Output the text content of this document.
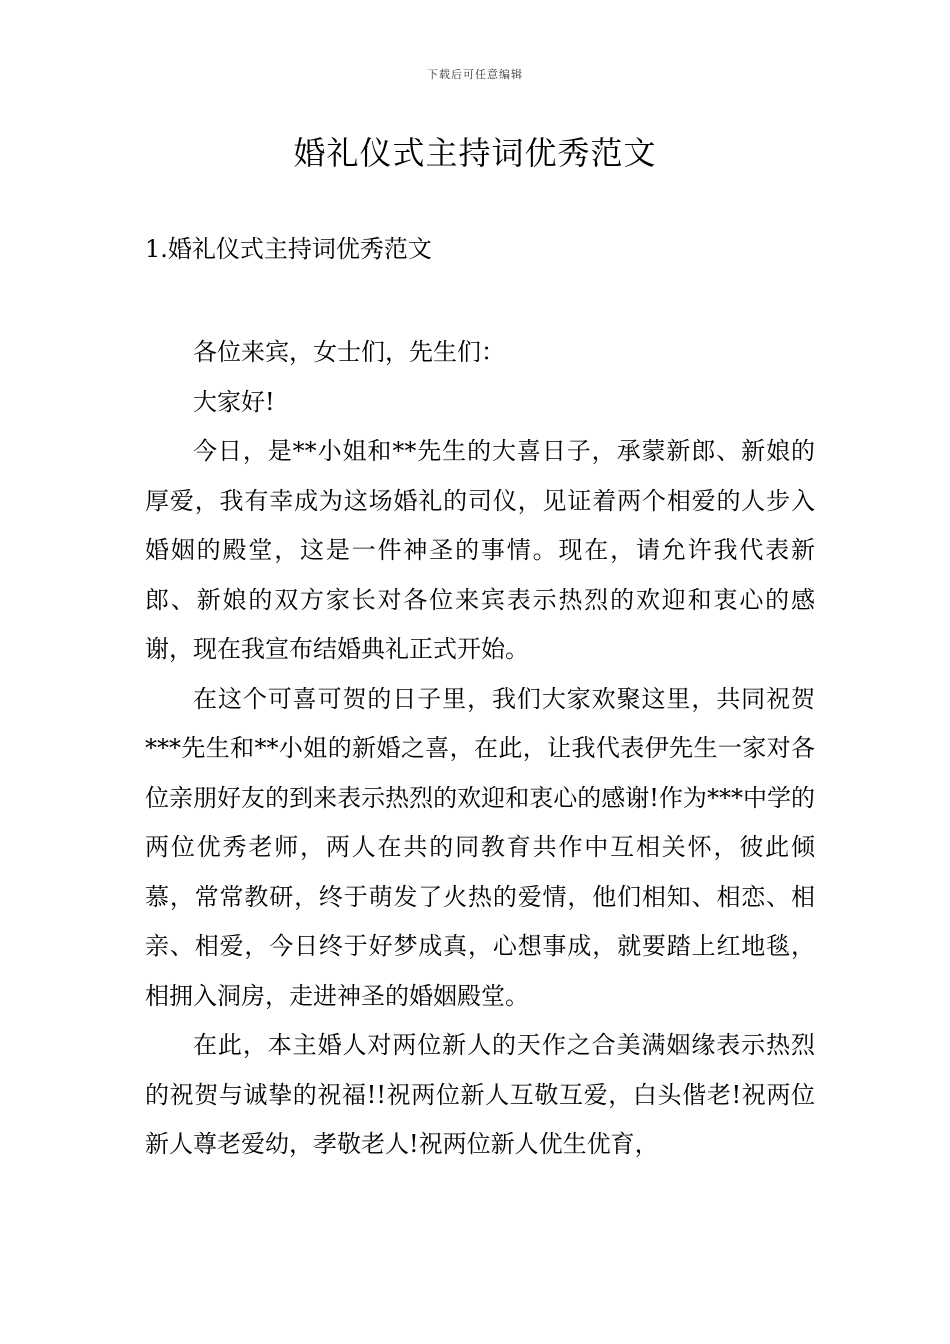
下载后可任意编辑
婚礼仪式主持词优秀范文
1.婚礼仪式主持词优秀范文

各位来宾，女士们，先生们：

大家好!

今日，是**小姐和**先生的大喜日子，承蒙新郎、新娘的厚爱，我有幸成为这场婚礼的司仪，见证着两个相爱的人步入婚姻的殿堂，这是一件神圣的事情。现在，请允许我代表新郎、新娘的双方家长对各位来宾表示热烈的欢迎和衷心的感谢，现在我宣布结婚典礼正式开始。

在这个可喜可贺的日子里，我们大家欢聚这里，共同祝贺***先生和**小姐的新婚之喜，在此，让我代表伊先生一家对各位亲朋好友的到来表示热烈的欢迎和衷心的感谢!作为***中学的两位优秀老师，两人在共的同教育共作中互相关怀，彼此倾慕，常常教研，终于萌发了火热的爱情，他们相知、相恋、相亲、相爱，今日终于好梦成真，心想事成，就要踏上红地毯，相拥入洞房，走进神圣的婚姻殿堂。

在此，本主婚人对两位新人的天作之合美满姻缘表示热烈的祝贺与诚挚的祝福!!祝两位新人互敬互爱，白头偕老!祝两位新人尊老爱幼，孝敬老人!祝两位新人优生优育，
